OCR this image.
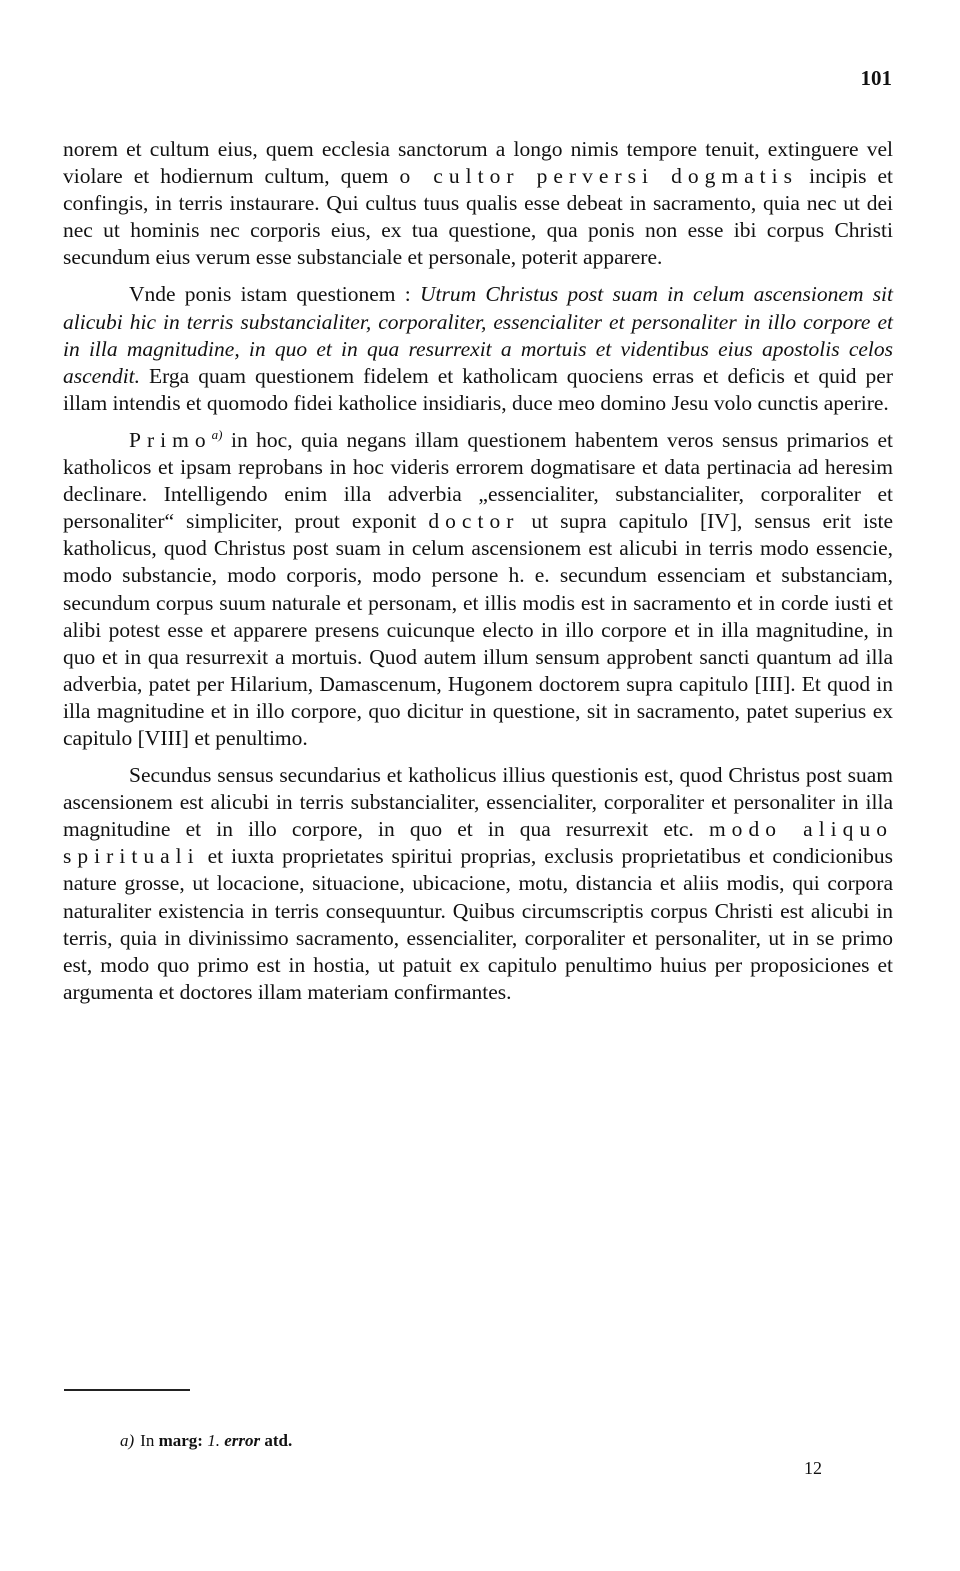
101

norem et cultum eius, quem ecclesia sanctorum a longo nimis tempore tenuit, extinguere vel violare et hodiernum cultum, quem o cultor perversi dogmatis incipis et confingis, in terris instaurare. Qui cultus tuus qualis esse debeat in sacramento, quia nec ut dei nec ut hominis nec corporis eius, ex tua questione, qua ponis non esse ibi corpus Christi secundum eius verum esse substanciale et personale, poterit apparere.

Vnde ponis istam questionem : Utrum Christus post suam in celum ascensionem sit alicubi hic in terris substancialiter, corporaliter, essencialiter et personaliter in illo corpore et in illa magnitudine, in quo et in qua resurrexit a mortuis et videntibus eius apostolis celos ascendit. Erga quam questionem fidelem et katholicam quociens erras et deficis et quid per illam intendis et quomodo fidei katholice insidiaris, duce meo domino Jesu volo cunctis aperire.

Primo$^{a)}$ in hoc, quia negans illam questionem habentem veros sensus primarios et katholicos et ipsam reprobans in hoc videris errorem dogmatisare et data pertinacia ad heresim declinare. Intelligendo enim illa adverbia „essencialiter, substancialiter, corporaliter et personaliter“ simpliciter, prout exponit doctor ut supra capitulo [IV], sensus erit iste katholicus, quod Christus post suam in celum ascensionem est alicubi in terris modo essencie, modo substancie, modo corporis, modo persone h. e. secundum essenciam et substanciam, secundum corpus suum naturale et personam, et illis modis est in sacramento et in corde iusti et alibi potest esse et apparere presens cuicunque electo in illo corpore et in illa magnitudine, in quo et in qua resurrexit a mortuis. Quod autem illum sensum approbent sancti quantum ad illa adverbia, patet per Hilarium, Damascenum, Hugonem doctorem supra capitulo [III]. Et quod in illa magnitudine et in illo corpore, quo dicitur in questione, sit in sacramento, patet superius ex capitulo [VIII] et penultimo.

Secundus sensus secundarius et katholicus illius questionis est, quod Christus post suam ascensionem est alicubi in terris substancialiter, essencialiter, corporaliter et personaliter in illa magnitudine et in illo corpore, in quo et in qua resurrexit etc. modo aliquo spirituali et iuxta proprietates spiritui proprias, exclusis proprietatibus et condicionibus nature grosse, ut locacione, situacione, ubicacione, motu, distancia et aliis modis, qui corpora naturaliter existencia in terris consequuntur. Quibus circumscriptis corpus Christi est alicubi in terris, quia in divinissimo sacramento, essencialiter, corporaliter et personaliter, ut in se primo est, modo quo primo est in hostia, ut patuit ex capitulo penultimo huius per proposiciones et argumenta et doctores illam materiam confirmantes.

a) In marg: 1. error atd.
12
